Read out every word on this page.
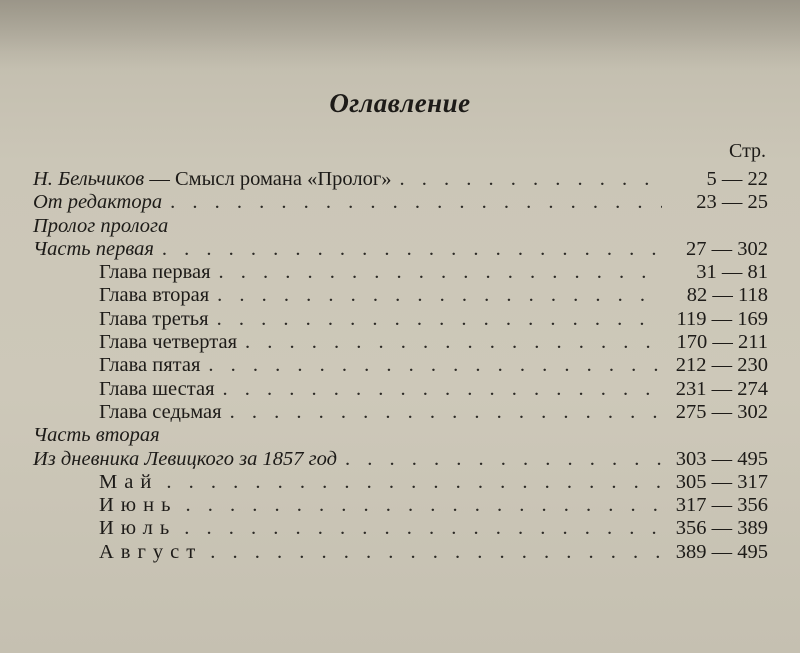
Оглавление
Стр.
Н. Бельчиков — Смысл романа «Пролог» . . .	5 — 22
От редактора . . .	23 — 25
Пролог пролога
Часть первая . . .	27 — 302
Глава первая . . .	31 — 81
Глава вторая . . .	82 — 118
Глава третья . . .	119 — 169
Глава четвертая . . .	170 — 211
Глава пятая . . .	212 — 230
Глава шестая . . .	231 — 274
Глава седьмая . . .	275 — 302
Часть вторая
Из дневника Левицкого за 1857 год . . .	303 — 495
Май . . .	305 — 317
Июнь . . .	317 — 356
Июль . . .	356 — 389
Август . . .	389 — 495
